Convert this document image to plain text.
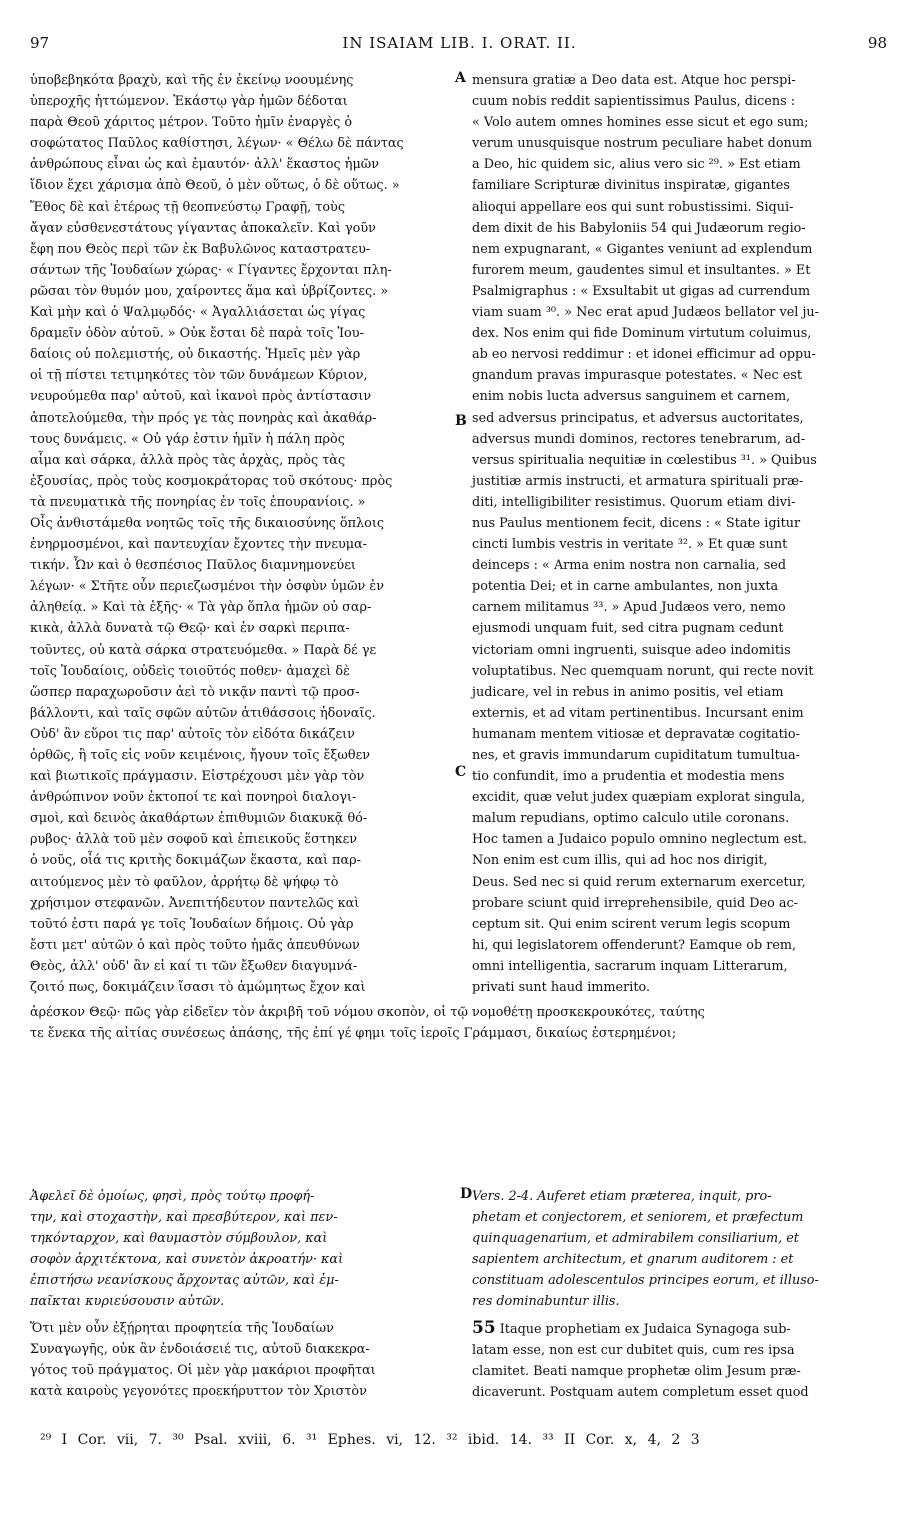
97	IN ISAIAM LIB. I. ORAT. II.	98

ὑποβεβηκότα βραχὺ, καὶ τῆς ἐν ἐκείνῳ νοουμένης

ὑπεροχῆς ἡττώμενον. Ἑκάστῳ γὰρ ἡμῶν δέδοται

παρὰ Θεοῦ χάριτος μέτρον. Τοῦτο ἡμῖν ἐναργὲς ὁ

σοφώτατος Παῦλος καθίστησι, λέγων· « Θέλω δὲ πάντας

ἀνθρώπους εἶναι ὡς καὶ ἐμαυτόν· ἀλλ' ἕκαστος ἡμῶν

ἴδιον ἔχει χάρισμα ἀπὸ Θεοῦ, ὁ μὲν οὕτως, ὁ δὲ οὕτως. »

Ἔθος δὲ καὶ ἑτέρως τῇ θεοπνεύστῳ Γραφῇ, τοὺς

ἄγαν εὐσθενεστάτους γίγαντας ἀποκαλεῖν. Καὶ γοῦν

ἔφη που Θεὸς περὶ τῶν ἐκ Βαβυλῶνος καταστρατευ-

σάντων τῆς Ἰουδαίων χώρας· « Γίγαντες ἔρχονται πλη-

ρῶσαι τὸν θυμόν μου, χαίροντες ἅμα καὶ ὑβρίζοντες. »

Καὶ μὴν καὶ ὁ Ψαλμῳδός· « Ἀγαλλιάσεται ὡς γίγας

δραμεῖν ὁδὸν αὐτοῦ. » Οὐκ ἔσται δὲ παρὰ τοῖς Ἰου-

δαίοις οὐ πολεμιστής, οὐ δικαστής. Ἡμεῖς μὲν γὰρ

οἱ τῇ πίστει τετιμηκότες τὸν τῶν δυνάμεων Κύριον,

νευρούμεθα παρ' αὐτοῦ, καὶ ἱκανοὶ πρὸς ἀντίστασιν

ἀποτελούμεθα, τὴν πρός γε τὰς πονηρὰς καὶ ἀκαθάρ-

τους δυνάμεις. « Οὐ γάρ ἐστιν ἡμῖν ἡ πάλη πρὸς

αἷμα καὶ σάρκα, ἀλλὰ πρὸς τὰς ἀρχὰς, πρὸς τὰς

ἐξουσίας, πρὸς τοὺς κοσμοκράτορας τοῦ σκότους· πρὸς

τὰ πνευματικὰ τῆς πονηρίας ἐν τοῖς ἐπουρανίοις. »

Οἷς ἀνθιστάμεθα νοητῶς τοῖς τῆς δικαιοσύνης ὅπλοις

ἐνηρμοσμένοι, καὶ παντευχίαν ἔχοντες τὴν πνευμα-

τικήν. Ὧν καὶ ὁ θεσπέσιος Παῦλος διαμνημονεύει

λέγων· « Στῆτε οὖν περιεζωσμένοι τὴν ὀσφὺν ὑμῶν ἐν

ἀληθείᾳ. » Καὶ τὰ ἑξῆς· « Τὰ γὰρ ὅπλα ἡμῶν οὐ σαρ-

κικὰ, ἀλλὰ δυνατὰ τῷ Θεῷ· καὶ ἐν σαρκὶ περιπα-

τοῦντες, οὐ κατὰ σάρκα στρατευόμεθα. » Παρὰ δέ γε

τοῖς Ἰουδαίοις, οὐδεὶς τοιοῦτός ποθεν· ἀμαχεὶ δὲ

ὥσπερ παραχωροῦσιν ἀεὶ τὸ νικᾷν παντὶ τῷ προσ-

βάλλοντι, καὶ ταῖς σφῶν αὐτῶν ἀτιθάσσοις ἡδοναῖς.

Οὐδ' ἂν εὕροι τις παρ' αὐτοῖς τὸν εἰδότα δικάζειν

ὀρθῶς, ἢ τοῖς εἰς νοῦν κειμένοις, ἤγουν τοῖς ἔξωθεν

καὶ βιωτικοῖς πράγμασιν. Εἰστρέχουσι μὲν γὰρ τὸν

ἀνθρώπινον νοῦν ἐκτοποί τε καὶ πονηροὶ διαλογι-

σμοὶ, καὶ δεινὸς ἀκαθάρτων ἐπιθυμιῶν διακυκᾷ θό-

ρυβος· ἀλλὰ τοῦ μὲν σοφοῦ καὶ ἐπιεικοῦς ἕστηκεν

ὁ νοῦς, οἷά τις κριτὴς δοκιμάζων ἕκαστα, καὶ παρ-

αιτούμενος μὲν τὸ φαῦλον, ἀρρήτῳ δὲ ψήφῳ τὸ

χρήσιμον στεφανῶν. Ἀνεπιτήδευτον παντελῶς καὶ

τοῦτό ἐστι παρά γε τοῖς Ἰουδαίων δήμοις. Οὐ γὰρ

ἔστι μετ' αὐτῶν ὁ καὶ πρὸς τοῦτο ἡμᾶς ἀπευθύνων

Θεὸς, ἀλλ' οὐδ' ἂν εἰ καί τι τῶν ἔξωθεν διαγυμνά-

ζοιτό πως, δοκιμάζειν ἴσασι τὸ ἀμώμητως ἔχον καὶ

A
B
C
D

mensura gratiæ a Deo data est. Atque hoc perspi-

cuum nobis reddit sapientissimus Paulus, dicens :

« Volo autem omnes homines esse sicut et ego sum;

verum unusquisque nostrum peculiare habet donum

a Deo, hic quidem sic, alius vero sic ²⁹. » Est etiam

familiare Scripturæ divinitus inspiratæ, gigantes

alioqui appellare eos qui sunt robustissimi. Siqui-

dem dixit de his Babyloniis 54 qui Judæorum regio-

nem expugnarant, « Gigantes veniunt ad explendum

furorem meum, gaudentes simul et insultantes. » Et

Psalmigraphus : « Exsultabit ut gigas ad currendum

viam suam ³⁰. » Nec erat apud Judæos bellator vel ju-

dex. Nos enim qui fide Dominum virtutum coluimus,

ab eo nervosi reddimur : et idonei efficimur ad oppu-

gnandum pravas impurasque potestates. « Nec est

enim nobis lucta adversus sanguinem et carnem,

sed adversus principatus, et adversus auctoritates,

adversus mundi dominos, rectores tenebrarum, ad-

versus spiritualia nequitiæ in cœlestibus ³¹. » Quibus

justitiæ armis instructi, et armatura spirituali præ-

diti, intelligibiliter resistimus. Quorum etiam divi-

nus Paulus mentionem fecit, dicens : « State igitur

cincti lumbis vestris in veritate ³². » Et quæ sunt

deinceps : « Arma enim nostra non carnalia, sed

potentia Dei; et in carne ambulantes, non juxta

carnem militamus ³³. » Apud Judæos vero, nemo

ejusmodi unquam fuit, sed citra pugnam cedunt

victoriam omni ingruenti, suisque adeo indomitis

voluptatibus. Nec quemquam norunt, qui recte novit

judicare, vel in rebus in animo positis, vel etiam

externis, et ad vitam pertinentibus. Incursant enim

humanam mentem vitiosæ et depravatæ cogitatio-

nes, et gravis immundarum cupiditatum tumultua-

tio confundit, imo a prudentia et modestia mens

excidit, quæ velut judex quæpiam explorat singula,

malum repudians, optimo calculo utile coronans.

Hoc tamen a Judaico populo omnino neglectum est.

Non enim est cum illis, qui ad hoc nos dirigit,

Deus. Sed nec si quid rerum externarum exercetur,

probare sciunt quid irreprehensibile, quid Deo ac-

ceptum sit. Qui enim scirent verum legis scopum

hi, qui legislatorem offenderunt? Eamque ob rem,

omni intelligentia, sacrarum inquam Litterarum,

privati sunt haud immerito.

ἀρέσκον Θεῷ· πῶς γὰρ εἰδεῖεν τὸν ἀκριβῆ τοῦ νόμου σκοπὸν, οἱ τῷ νομοθέτῃ προσκεκρουκότες, ταύτης

τε ἕνεκα τῆς αἰτίας συνέσεως ἁπάσης, τῆς ἐπί γέ φημι τοῖς ἱεροῖς Γράμμασι, δικαίως ἐστερημένοι;

Ἀφελεῖ δὲ ὁμοίως, φησὶ, πρὸς τούτῳ προφή-

την, καὶ στοχαστὴν, καὶ πρεσβύτερον, καὶ πεν-

τηκόνταρχον, καὶ θαυμαστὸν σύμβουλον, καὶ

σοφὸν ἀρχιτέκτονα, καὶ συνετὸν ἀκροατήν· καὶ

ἐπιστήσω νεανίσκους ἄρχοντας αὐτῶν, καὶ ἐμ-

παῖκται κυριεύσουσιν αὐτῶν.

Ὅτι μὲν οὖν ἐξῄρηται προφητεία τῆς Ἰουδαίων

Συναγωγῆς, οὐκ ἂν ἐνδοιάσειέ τις, αὐτοῦ διακεκρα-

γότος τοῦ πράγματος. Οἱ μὲν γὰρ μακάριοι προφῆται

κατὰ καιροὺς γεγονότες προεκήρυττον τὸν Χριστὸν

Vers. 2-4. Auferet etiam præterea, inquit, pro-

phetam et conjectorem, et seniorem, et præfectum

quinquagenarium, et admirabilem consiliarium, et

sapientem architectum, et gnarum auditorem : et

constituam adolescentulos principes eorum, et illuso-

res dominabuntur illis.

55 Itaque prophetiam ex Judaica Synagoga sub-

latam esse, non est cur dubitet quis, cum res ipsa

clamitet. Beati namque prophetæ olim Jesum præ-

dicaverunt. Postquam autem completum esset quod

²⁹ I Cor. vii, 7. ³⁰ Psal. xviii, 6. ³¹ Ephes. vi, 12. ³² ibid. 14. ³³ II Cor. x, 4, 2 3
